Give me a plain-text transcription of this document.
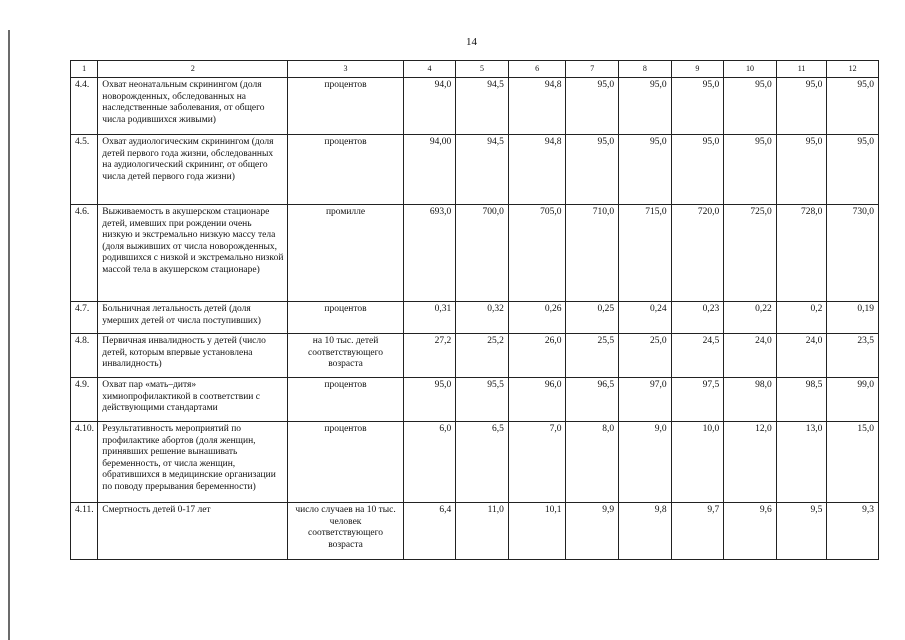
14
1	2	3	4	5	6	7	8	9	10	11	12
4.4.	Охват неонатальным скринингом (доля новорожденных, обследованных на наследственные заболевания, от общего числа родившихся живыми)	процентов	94,0	94,5	94,8	95,0	95,0	95,0	95,0	95,0	95,0
4.5.	Охват аудиологическим скринингом (доля детей первого года жизни, обследованных на аудиологический скрининг, от общего числа детей первого года жизни)	процентов	94,00	94,5	94,8	95,0	95,0	95,0	95,0	95,0	95,0
4.6.	Выживаемость в акушерском стационаре детей, имевших при рождении очень низкую и экстремально низкую массу тела (доля выживших от числа новорожденных, родившихся с низкой и экстремально низкой массой тела в акушерском стационаре)	промилле	693,0	700,0	705,0	710,0	715,0	720,0	725,0	728,0	730,0
4.7.	Больничная летальность детей (доля умерших детей от числа поступивших)	процентов	0,31	0,32	0,26	0,25	0,24	0,23	0,22	0,2	0,19
4.8.	Первичная инвалидность у детей (число детей, которым впервые установлена инвалидность)	на 10 тыс. детей соответствующего возраста	27,2	25,2	26,0	25,5	25,0	24,5	24,0	24,0	23,5
4.9.	Охват пар «мать–дитя» химиопрофилактикой в соответствии с действующими стандартами	процентов	95,0	95,5	96,0	96,5	97,0	97,5	98,0	98,5	99,0
4.10.	Результативность мероприятий по профилактике абортов (доля женщин, принявших решение вынашивать беременность, от числа женщин, обратившихся в медицинские организации по поводу прерывания беременности)	процентов	6,0	6,5	7,0	8,0	9,0	10,0	12,0	13,0	15,0
4.11.	Смертность детей 0-17 лет	число случаев на 10 тыс. человек соответствующего возраста	6,4	11,0	10,1	9,9	9,8	9,7	9,6	9,5	9,3
